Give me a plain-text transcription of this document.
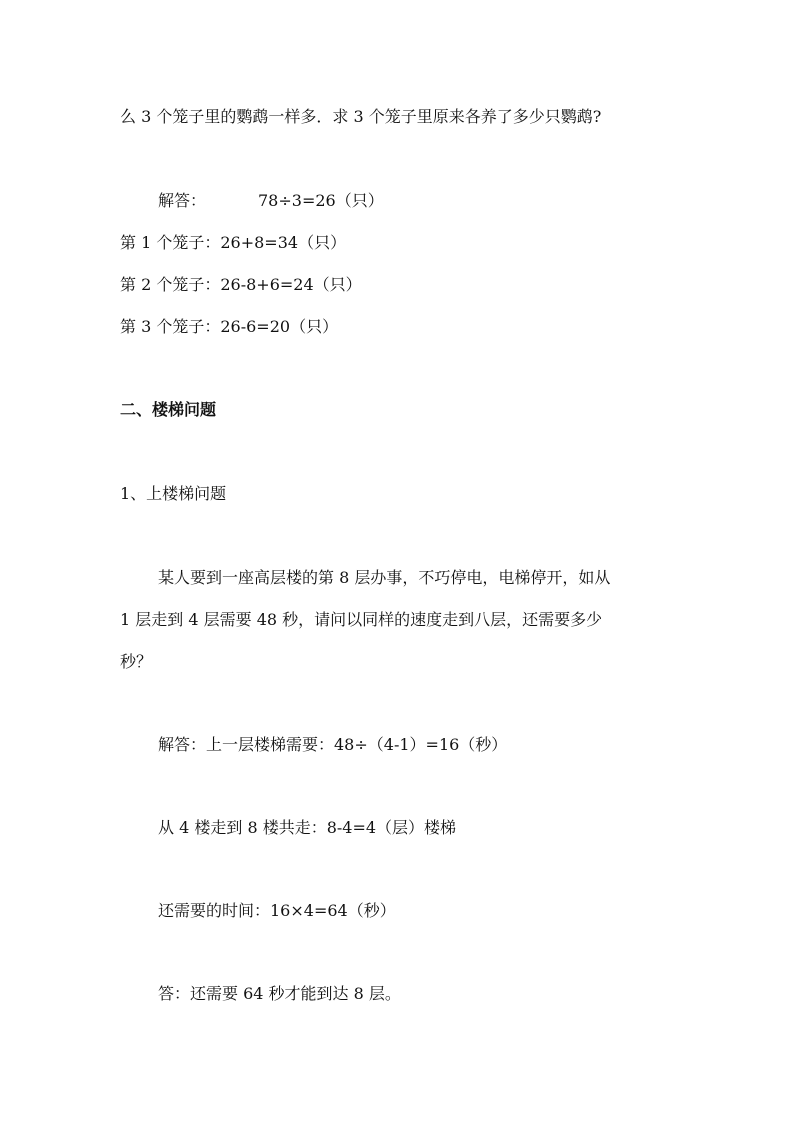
么 3 个笼子里的鹦鹉一样多．求 3 个笼子里原来各养了多少只鹦鹉?
解答：	78÷3=26（只）
第 1 个笼子：26+8=34（只）
第 2 个笼子：26-8+6=24（只）
第 3 个笼子：26-6=20（只）
二、楼梯问题
1、上楼梯问题
某人要到一座高层楼的第 8 层办事，不巧停电，电梯停开，如从
1 层走到 4 层需要 48 秒，请问以同样的速度走到八层，还需要多少
秒？
解答：上一层楼梯需要：48÷（4-1）=16（秒）
从 4 楼走到 8 楼共走：8-4=4（层）楼梯
还需要的时间：16×4=64（秒）
答：还需要 64 秒才能到达 8 层。
